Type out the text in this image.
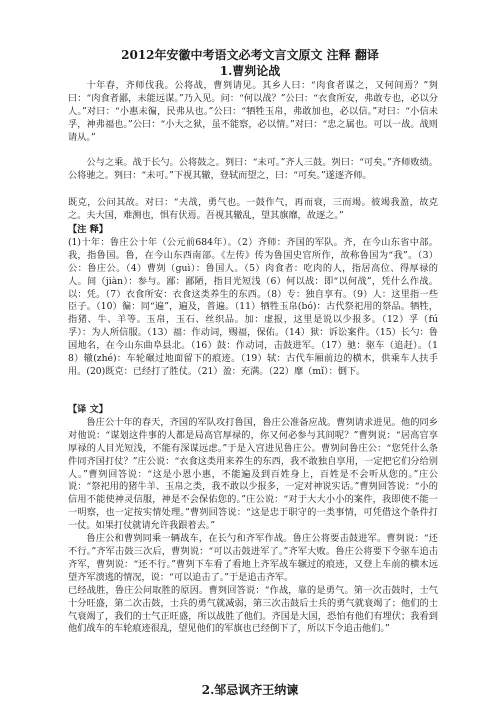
2012年安徽中考语文必考文言文原文 注释 翻译
1.曹刿论战

十年春，齐师伐我。公将战，曹刿请见。其乡人曰：“肉食者谋之，又何间焉？”刿曰：“肉食者鄙，未能远谋。”乃入见。问：“何以战？”公曰：“衣食所安，弗敢专也，必以分人。”对曰：“小惠未徧，民弗从也。”公曰：“牺牲玉帛，弗敢加也，必以信。”对曰：“小信未孚，神弗福也。”公曰：“小大之狱，虽不能察，必以情。”对曰：“忠之属也。可以一战。战则请从。”

公与之乘。战于长勺。公将鼓之。刿曰：“未可。”齐人三鼓。刿曰：“可矣。”齐师败绩。公将驰之。刿曰：“未可。”下视其辙，登轼而望之，曰：“可矣。”遂逐齐师。

既克，公问其故。对曰：“夫战，勇气也。一鼓作气，再而衰，三而竭。彼竭我盈，故克之。夫大国，难测也，惧有伏焉。吾视其辙乱，望其旗靡，故逐之。”

【注 释】
(1)十年：鲁庄公十年（公元前684年）。（2）齐师：齐国的军队。齐，在今山东省中部。我，指鲁国。鲁，在今山东西南部。《左传》传为鲁国史官所作，故称鲁国为“我”。（3）公：鲁庄公。（4）曹刿（guì）：鲁国人。（5）肉食者：吃肉的人，指居高位、得厚禄的人。间（jiàn）：参与。鄙：鄙陋，指目光短浅（6）何以战：即“以何战”，凭什么作战。以：凭。（7）衣食所安：衣食这类养生的东西。（8）专：独自享有。（9）人：这里指一些臣子。（10）徧：同“遍”，遍及，普遍。（11）牺牲玉帛(bó)：古代祭祀用的祭品。牺牲，指猪、牛、羊等。玉帛，玉石、丝织品。加：虚报，这里是说以少报多。（12）孚（fú孚）：为人所信服。（13）福：作动词，赐福，保佑。（14）狱：诉讼案件。（15）长勺：鲁国地名，在今山东曲阜县北。（16）鼓：作动词，击鼓进军。（17）驰：驱车（追赶）。（18）辙(zhé)：车轮碾过地面留下的痕迹。（19）轼：古代车厢前边的横木，供乘车人扶手用。(20)既克：已经打了胜仗。（21）盈：充满。（22）靡（mǐ）：倒下。
【译 文】
鲁庄公十年的春天，齐国的军队攻打鲁国，鲁庄公准备应战。曹刿请求进见。他的同乡对他说：“谋划这件事的人都是局高官厚禄的，你又何必参与其间呢？”曹刿说：“居高官享厚禄的人目光短浅，不能有深谋远虑。”于是入宫进见鲁庄公。曹刿问鲁庄公：“您凭什么条件同齐国打仗？”庄公说：“衣食这类用来养生的东西，我不敢独自享用，一定把它们分给别人。”曹刿回答说：“这是小恩小惠，不能遍及到百姓身上，百姓是不会听从您的。”庄公说：“祭祀用的猪牛羊、玉帛之类，我不敢以少报多，一定对神说实话。”曹刿回答说：“小的信用不能使神灵信服，神是不会保佑您的。”庄公说：“对于大大小小的案件，我即使不能一一明察，也一定按实情处理。”曹刿回答说：“这是忠于职守的一类事情，可凭借这个条件打一仗。如果打仗就请允许我跟着去。”
鲁庄公和曹刿同乘一辆战车，在长勺和齐军作战。鲁庄公将要击鼓进军。曹刿说：“还不行。”齐军击鼓三次后，曹刿说：“可以击鼓进军了。”齐军大败。鲁庄公将要下令驱车追击齐军，曹刿说：“还不行。”曹刿下车看了看地上齐军战车辗过的痕迹，又登上车前的横木远望齐军溃逃的情况，说：“可以追击了。”于是追击齐军。
已经战胜，鲁庄公问取胜的原因。曹刿回答说：“作战，靠的是勇气。第一次击鼓时，士气十分旺盛，第二次击鼓，士兵的勇气就减弱，第三次击鼓后士兵的勇气就衰竭了；他们的士气衰竭了，我们的士气正旺盛，所以战胜了他们。齐国是大国，恐怕有他们有埋伏；我看到他们战车的车轮痕迹很乱，望见他们的军旗也已经倒下了，所以下令追击他们。”
2.邹忌讽齐王纳谏
